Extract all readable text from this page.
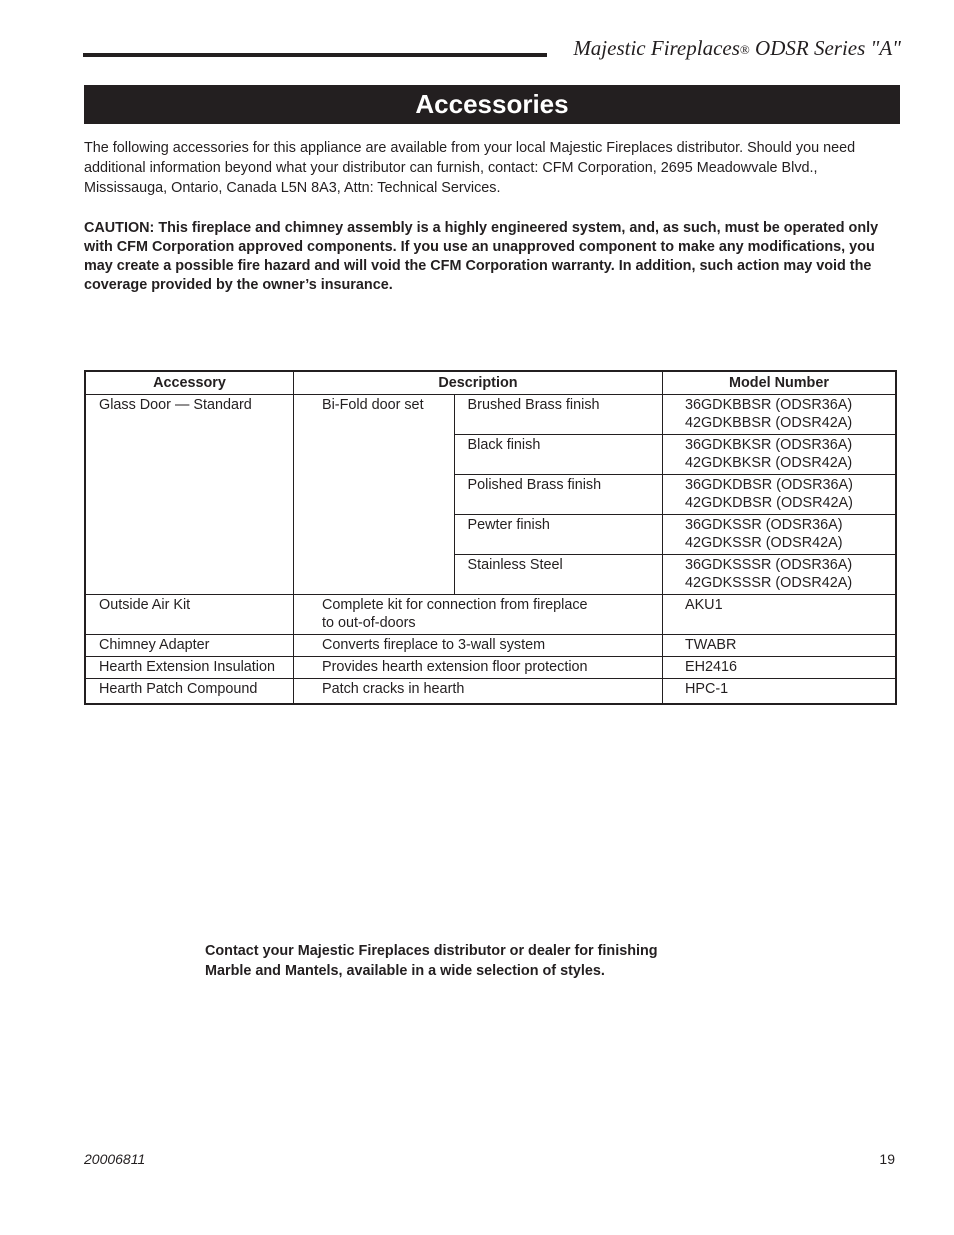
Majestic Fireplaces® ODSR Series "A"
Accessories

The following accessories for this appliance are available from your local Majestic Fireplaces distributor. Should you need additional information beyond what your distributor can furnish, contact: CFM Corporation, 2695 Meadowvale Blvd., Mississauga, Ontario, Canada L5N 8A3, Attn: Technical Services.

CAUTION: This fireplace and chimney assembly is a highly engineered system, and, as such, must be operated only with CFM Corporation approved components. If you use an unapproved component to make any modifications, you may create a possible fire hazard and will void the CFM Corporation warranty. In addition, such action may void the coverage provided by the owner’s insurance.

Accessory	Description		Model Number
Glass Door — Standard	Bi-Fold door set	Brushed Brass finish	36GDKBBSR (ODSR36A)
42GDKBBSR (ODSR42A)

		Black finish	36GDKBKSR (ODSR36A)
42GDKBKSR (ODSR42A)

		Polished Brass finish	36GDKDBSR (ODSR36A)
42GDKDBSR (ODSR42A)

		Pewter finish	36GDKSSR (ODSR36A)
42GDKSSR (ODSR42A)

		Stainless Steel	36GDKSSSR (ODSR36A)
42GDKSSSR (ODSR42A)

Outside Air Kit	Complete kit for connection from fireplace
to out-of-doors		AKU1
Chimney Adapter	Converts fireplace to 3-wall system		TWABR
Hearth Extension Insulation	Provides hearth extension floor protection		EH2416
Hearth Patch Compound	Patch cracks in hearth		HPC-1

Contact your Majestic Fireplaces distributor or dealer for finishing
Marble and Mantels, available in a wide selection of styles.

20006811	19
